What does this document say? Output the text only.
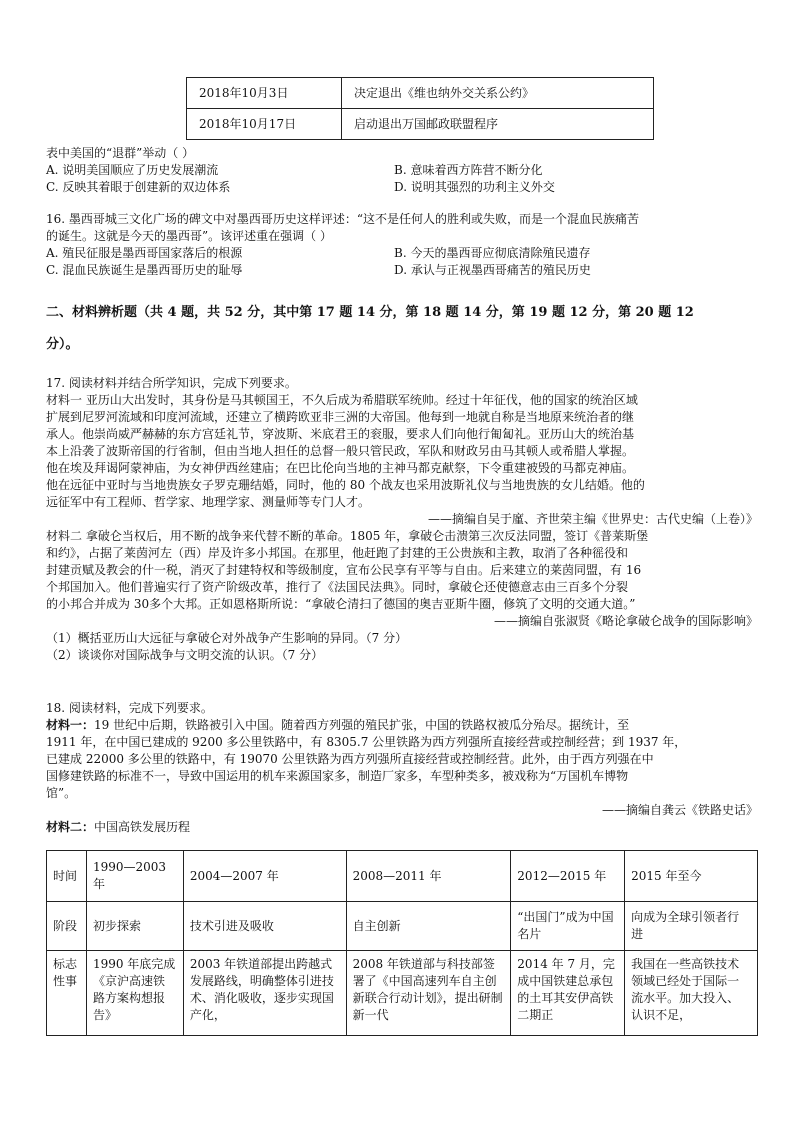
2018年10月3日	决定退出《维也纳外交关系公约》
2018年10月17日	启动退出万国邮政联盟程序
表中美国的“退群”举动（ ）
A. 说明美国顺应了历史发展潮流	B. 意味着西方阵营不断分化
C. 反映其着眼于创建新的双边体系	D. 说明其强烈的功利主义外交
16. 墨西哥城三文化广场的碑文中对墨西哥历史这样评述：“这不是任何人的胜利或失败，而是一个混血民族痛苦
的诞生。这就是今天的墨西哥”。该评述重在强调（ ）
A. 殖民征服是墨西哥国家落后的根源	B. 今天的墨西哥应彻底清除殖民遗存
C. 混血民族诞生是墨西哥历史的耻辱	D. 承认与正视墨西哥痛苦的殖民历史
二、材料辨析题（共 4 题，共 52 分，其中第 17 题 14 分，第 18 题 14 分，第 19 题 12 分，第 20 题 12
分）。
17. 阅读材料并结合所学知识，完成下列要求。
材料一 亚历山大出发时，其身份是马其顿国王，不久后成为希腊联军统帅。经过十年征伐，他的国家的统治区域
扩展到尼罗河流域和印度河流域，还建立了横跨欧亚非三洲的大帝国。他每到一地就自称是当地原来统治者的继
承人。他崇尚威严赫赫的东方宫廷礼节，穿波斯、米底君王的衮服，要求人们向他行匍匐礼。亚历山大的统治基
本上沿袭了波斯帝国的行省制，但由当地人担任的总督一般只管民政，军队和财政另由马其顿人或希腊人掌握。
他在埃及拜谒阿蒙神庙，为女神伊西丝建庙；在巴比伦向当地的主神马都克献祭，下令重建被毁的马都克神庙。
他在远征中亚时与当地贵族女子罗克珊结婚，同时，他的 80 个战友也采用波斯礼仪与当地贵族的女儿结婚。他的
远征军中有工程师、哲学家、地理学家、测量师等专门人才。
——摘编自吴于廑、齐世荣主编《世界史：古代史编（上卷）》
材料二 拿破仑当权后，用不断的战争来代替不断的革命。1805 年，拿破仑击溃第三次反法同盟，签订《普莱斯堡
和约》，占据了莱茵河左（西）岸及许多小邦国。在那里，他赶跑了封建的王公贵族和主教，取消了各种徭役和
封建贡赋及教会的什一税，消灭了封建特权和等级制度，宣布公民享有平等与自由。后来建立的莱茵同盟，有 16
个邦国加入。他们普遍实行了资产阶级改革，推行了《法国民法典》。同时，拿破仑还使德意志由三百多个分裂
的小邦合并成为 30多个大邦。正如恩格斯所说：“拿破仑清扫了德国的奥吉亚斯牛圈，修筑了文明的交通大道。”
——摘编自张淑贤《略论拿破仑战争的国际影响》
（1）概括亚历山大远征与拿破仑对外战争产生影响的异同。（7 分）
（2）谈谈你对国际战争与文明交流的认识。（7 分）
18. 阅读材料，完成下列要求。
材料一：19 世纪中后期，铁路被引入中国。随着西方列强的殖民扩张，中国的铁路权被瓜分殆尽。据统计，至
1911 年，在中国已建成的 9200 多公里铁路中，有 8305.7 公里铁路为西方列强所直接经营或控制经营；到 1937 年，
已建成 22000 多公里的铁路中，有 19070 公里铁路为西方列强所直接经营或控制经营。此外，由于西方列强在中
国修建铁路的标准不一，导致中国运用的机车来源国家多，制造厂家多，车型种类多，被戏称为“万国机车博物
馆”。
——摘编自龚云《铁路史话》
材料二：中国高铁发展历程
时间	1990—2003年	2004—2007 年	2008—2011 年	2012—2015 年	2015 年至今
阶段	初步探索	技术引进及吸收	自主创新	“出国门”成为中国名片	向成为全球引领者行进
标志性事	1990 年底完成《京沪高速铁路方案构想报告》	2003 年铁道部提出跨越式发展路线，明确整体引进技术、消化吸收，逐步实现国产化，	2008 年铁道部与科技部签署了《中国高速列车自主创新联合行动计划》，提出研制新一代	2014 年 7 月，完成中国铁建总承包的土耳其安伊高铁二期正	我国在一些高铁技术领域已经处于国际一流水平。加大投入、认识不足，
